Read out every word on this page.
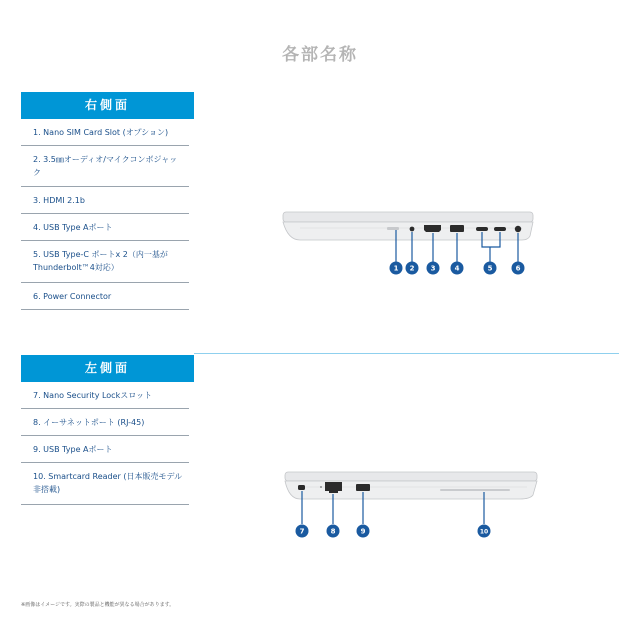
各部名称
右側面
1. Nano SIM Card Slot (オプション)
2. 3.5㎜オーディオ/マイクコンボジャック
3. HDMI 2.1b
4. USB Type Aポート
5. USB Type-C ポートx 2（内一基がThunderbolt™4対応）
6. Power Connector
左側面
7. Nano Security Lockスロット
8. イーサネットポート (RJ-45)
9. USB Type Aポート
10. Smartcard Reader (日本販売モデル非搭載)
1 2 3	4	5	6
7	8	9	10
※画像はイメージです。実際の製品と機能が異なる場合があります。
